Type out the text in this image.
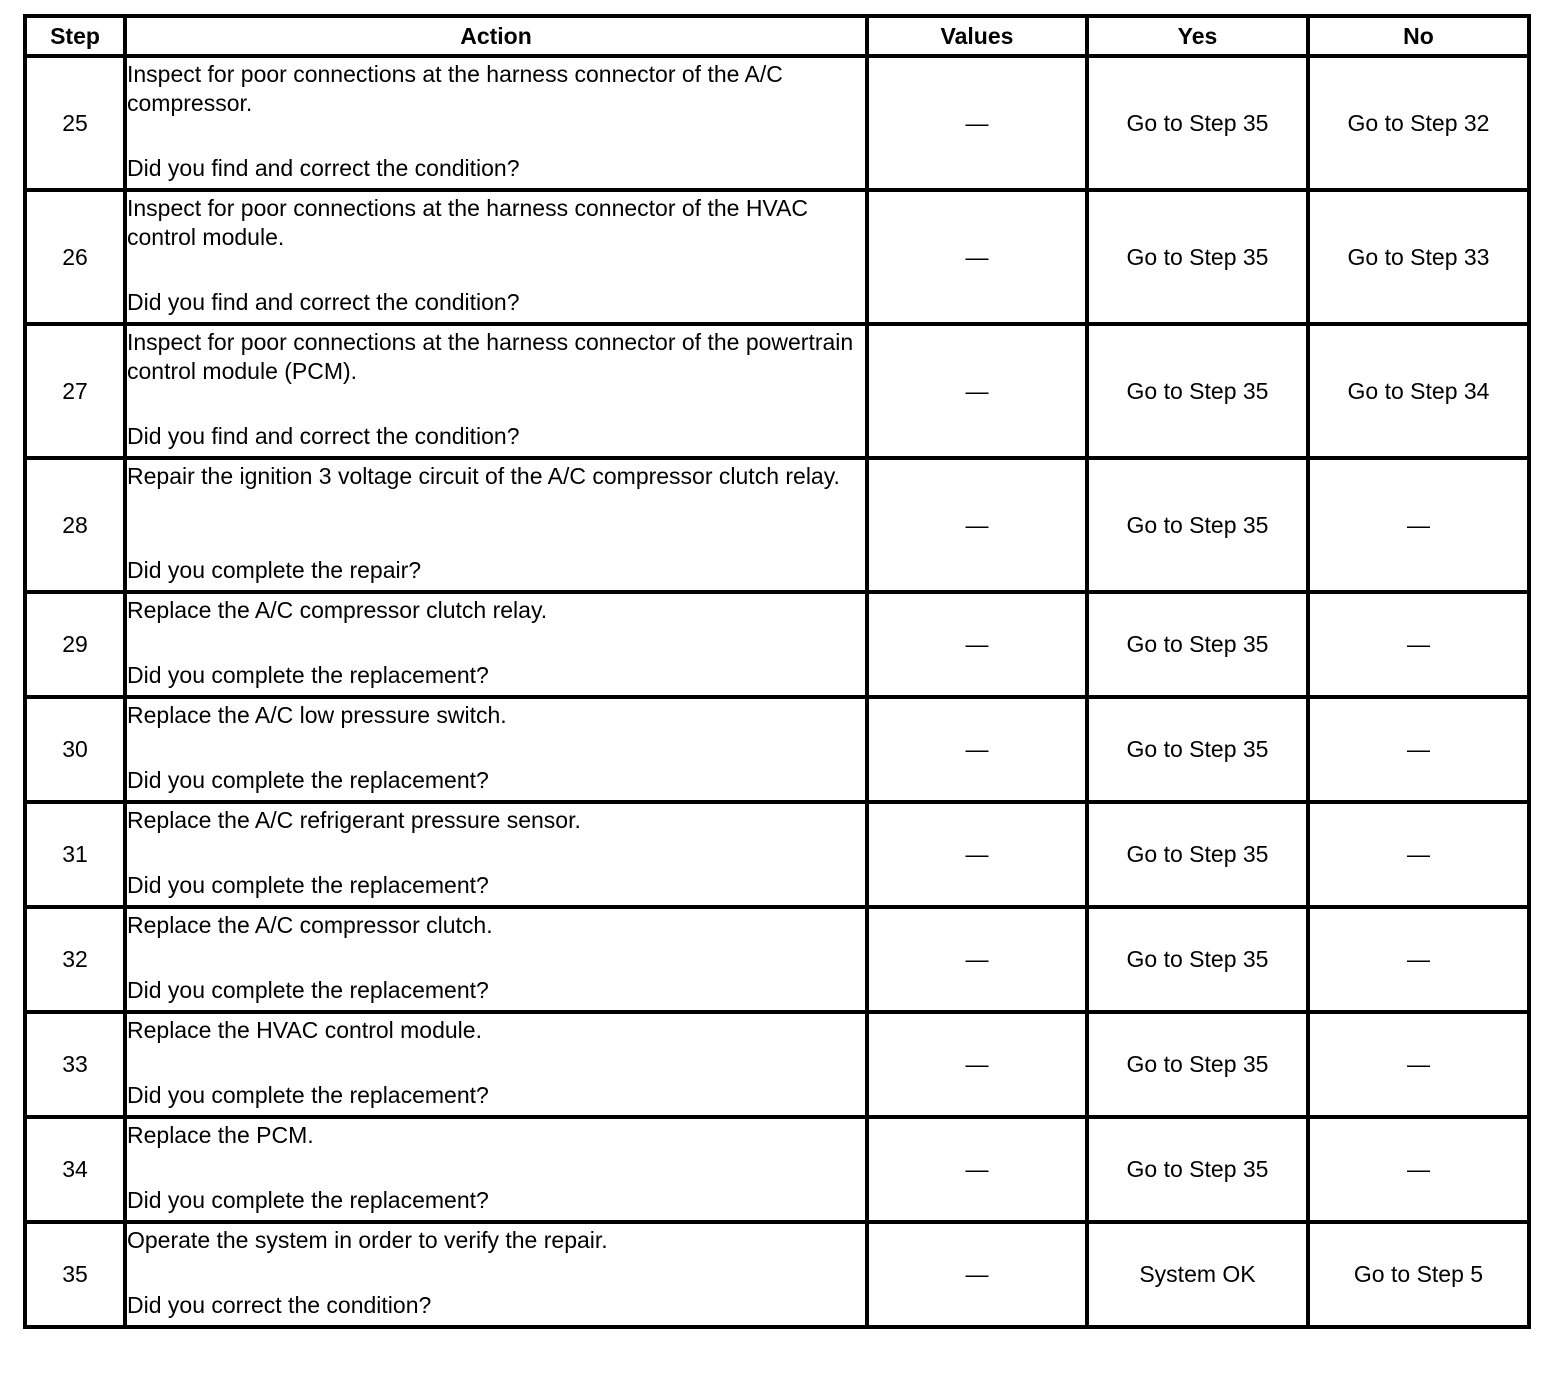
Step	Action	Values	Yes	No
25	Inspect for poor connections at the harness connector of the A/C compressor.
Did you find and correct the condition?	—	Go to Step 35	Go to Step 32
26	Inspect for poor connections at the harness connector of the HVAC control module.
Did you find and correct the condition?	—	Go to Step 35	Go to Step 33
27	Inspect for poor connections at the harness connector of the powertrain control module (PCM).
Did you find and correct the condition?	—	Go to Step 35	Go to Step 34
28	Repair the ignition 3 voltage circuit of the A/C compressor clutch relay.
Did you complete the repair?	—	Go to Step 35	—
29	Replace the A/C compressor clutch relay.
Did you complete the replacement?	—	Go to Step 35	—
30	Replace the A/C low pressure switch.
Did you complete the replacement?	—	Go to Step 35	—
31	Replace the A/C refrigerant pressure sensor.
Did you complete the replacement?	—	Go to Step 35	—
32	Replace the A/C compressor clutch.
Did you complete the replacement?	—	Go to Step 35	—
33	Replace the HVAC control module.
Did you complete the replacement?	—	Go to Step 35	—
34	Replace the PCM.
Did you complete the replacement?	—	Go to Step 35	—
35	Operate the system in order to verify the repair.
Did you correct the condition?	—	System OK	Go to Step 5
